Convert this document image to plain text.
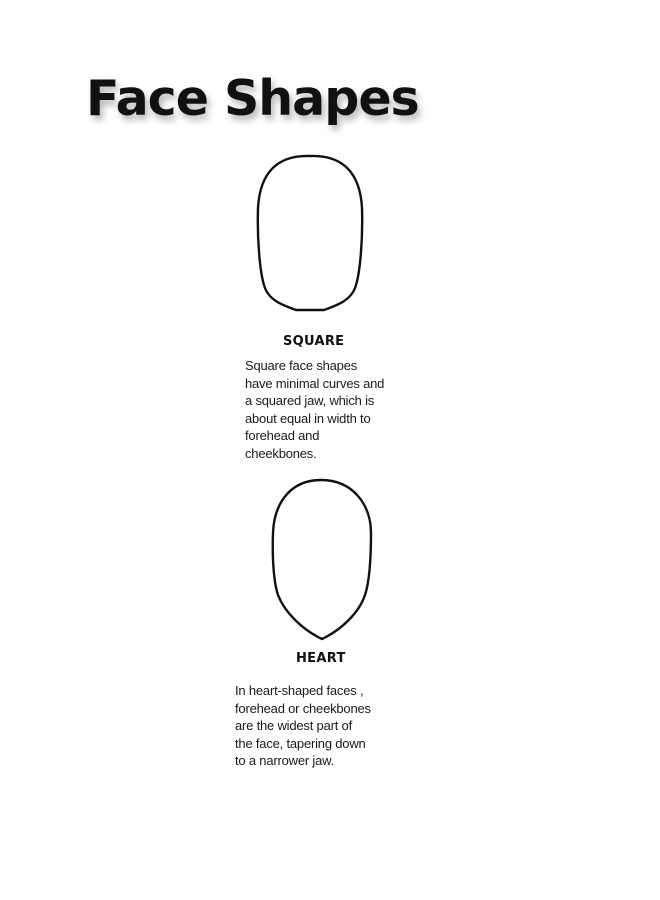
Face Shapes

SQUARE

Square face shapes
have minimal curves and
a squared jaw, which is
about equal in width to
forehead and
cheekbones.

HEART

In heart-shaped faces ,
forehead or cheekbones
are the widest part of
the face, tapering down
to a narrower jaw.
